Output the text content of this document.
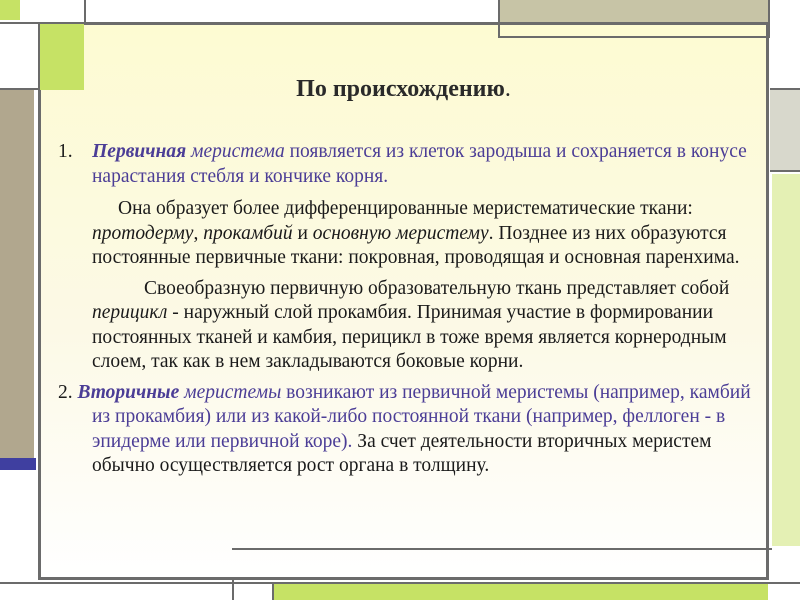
По происхождению.

1. Первичная меристема появляется из клеток зародыша и сохраняется в конусе нарастания стебля и кончике корня.

Она образует более дифференцированные меристематические ткани: протодерму, прокамбий и основную меристему. Позднее из них образуются постоянные первичные ткани: покровная, проводящая и основная паренхима.

Своеобразную первичную образовательную ткань представляет собой перицикл - наружный слой прокамбия. Принимая участие в формировании постоянных тканей и камбия, перицикл в тоже время является корнеродным слоем, так как в нем закладываются боковые корни.

2. Вторичные меристемы возникают из первичной меристемы (например, камбий из прокамбия) или из какой-либо постоянной ткани (например, феллоген - в эпидерме или первичной коре). За счет деятельности вторичных меристем обычно осуществляется рост органа в толщину.
